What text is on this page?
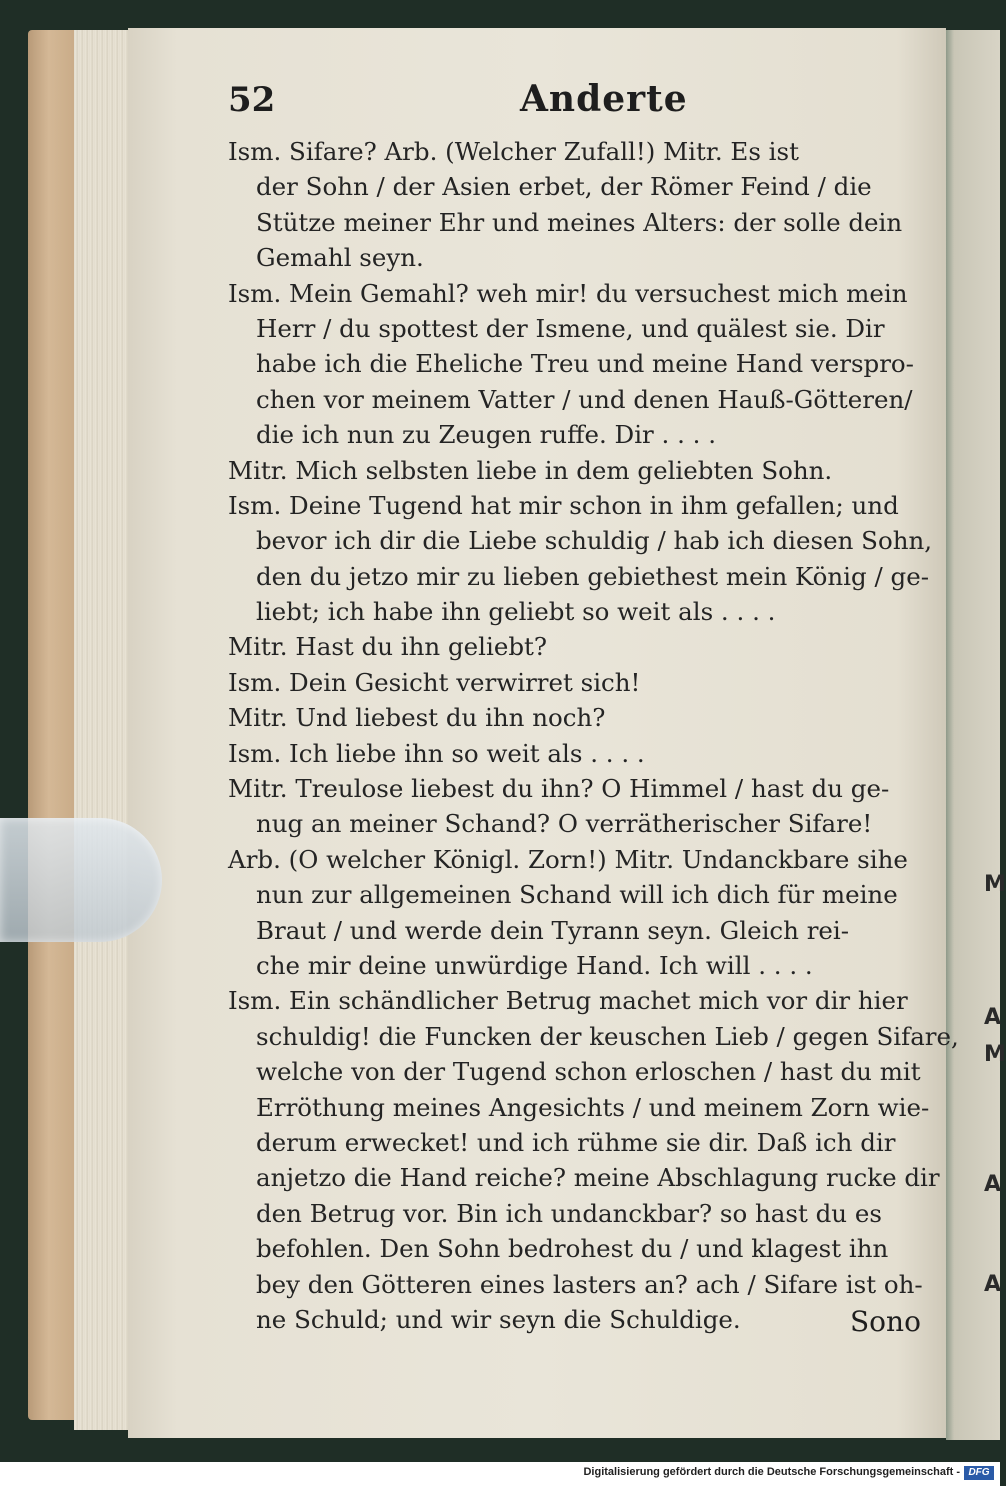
M
A
M
A
A
52	Anderte
Ism. Sifare? Arb. (Welcher Zufall!) Mitr. Es ist
der Sohn / der Asien erbet, der Römer Feind / die
Stütze meiner Ehr und meines Alters: der solle dein
Gemahl seyn.
Ism. Mein Gemahl? weh mir! du versuchest mich mein
Herr / du spottest der Ismene, und quälest sie. Dir
habe ich die Eheliche Treu und meine Hand verspro-
chen vor meinem Vatter / und denen Hauß-Götteren/
die ich nun zu Zeugen ruffe. Dir . . . .
Mitr. Mich selbsten liebe in dem geliebten Sohn.
Ism. Deine Tugend hat mir schon in ihm gefallen; und
bevor ich dir die Liebe schuldig / hab ich diesen Sohn,
den du jetzo mir zu lieben gebiethest mein König / ge-
liebt; ich habe ihn geliebt so weit als . . . .
Mitr. Hast du ihn geliebt?
Ism. Dein Gesicht verwirret sich!
Mitr. Und liebest du ihn noch?
Ism. Ich liebe ihn so weit als . . . .
Mitr. Treulose liebest du ihn? O Himmel / hast du ge-
nug an meiner Schand? O verrätherischer Sifare!
Arb. (O welcher Königl. Zorn!) Mitr. Undanckbare sihe
nun zur allgemeinen Schand will ich dich für meine
Braut / und werde dein Tyrann seyn. Gleich rei-
che mir deine unwürdige Hand. Ich will . . . .
Ism. Ein schändlicher Betrug machet mich vor dir hier
schuldig! die Funcken der keuschen Lieb / gegen Sifare,
welche von der Tugend schon erloschen / hast du mit
Erröthung meines Angesichts / und meinem Zorn wie-
derum erwecket! und ich rühme sie dir. Daß ich dir
anjetzo die Hand reiche? meine Abschlagung rucke dir
den Betrug vor. Bin ich undanckbar? so hast du es
befohlen. Den Sohn bedrohest du / und klagest ihn
bey den Götteren eines lasters an? ach / Sifare ist oh-
ne Schuld; und wir seyn die Schuldige.	Sono
Digitalisierung gefördert durch die Deutsche Forschungsgemeinschaft - DFG
